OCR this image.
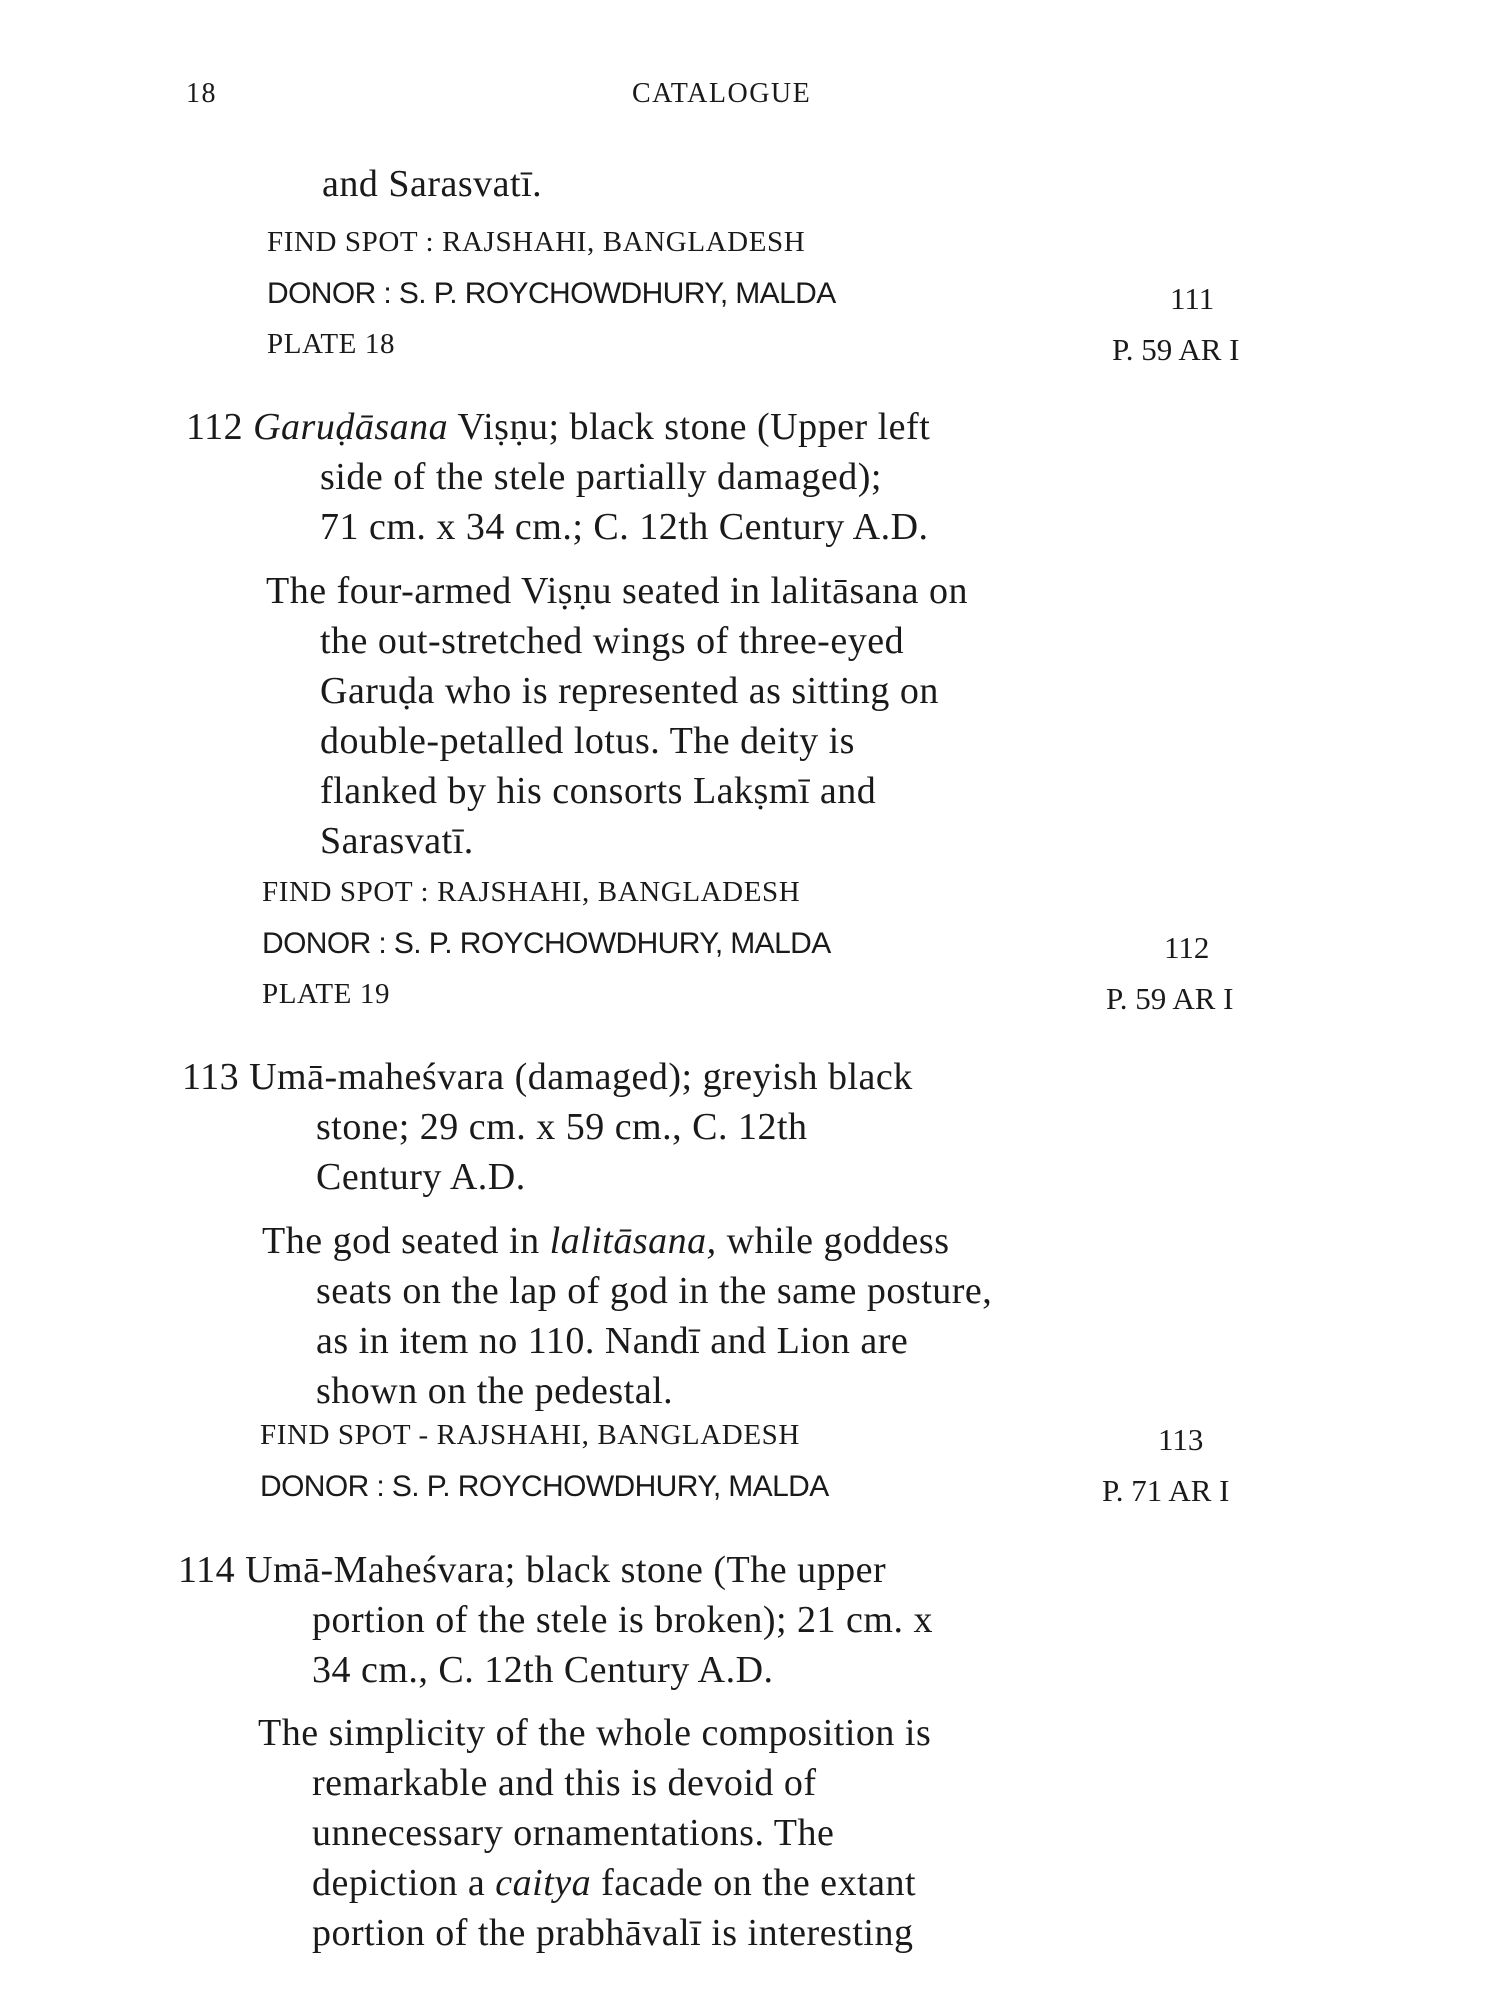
18	CATALOGUE
and Sarasvatī.
FIND SPOT : RAJSHAHI, BANGLADESH
DONOR : S. P. ROYCHOWDHURY, MALDA
PLATE 18
111
P. 59 AR I
112 Garuḍāsana Viṣṇu; black stone (Upper left
side of the stele partially damaged);
71 cm. x 34 cm.; C. 12th Century A.D.
The four-armed Viṣṇu seated in lalitāsana on
the out-stretched wings of three-eyed
Garuḍa who is represented as sitting on
double-petalled lotus. The deity is
flanked by his consorts Lakṣmī and
Sarasvatī.
FIND SPOT : RAJSHAHI, BANGLADESH
DONOR : S. P. ROYCHOWDHURY, MALDA
PLATE 19
112
P. 59 AR I
113 Umā-maheśvara (damaged); greyish black
stone; 29 cm. x 59 cm., C. 12th
Century A.D.
The god seated in lalitāsana, while goddess
seats on the lap of god in the same posture,
as in item no 110. Nandī and Lion are
shown on the pedestal.
FIND SPOT - RAJSHAHI, BANGLADESH
DONOR : S. P. ROYCHOWDHURY, MALDA
113
P. 71 AR I
114 Umā-Maheśvara; black stone (The upper
portion of the stele is broken); 21 cm. x
34 cm., C. 12th Century A.D.
The simplicity of the whole composition is
remarkable and this is devoid of
unnecessary ornamentations. The
depiction a caitya facade on the extant
portion of the prabhāvalī is interesting
